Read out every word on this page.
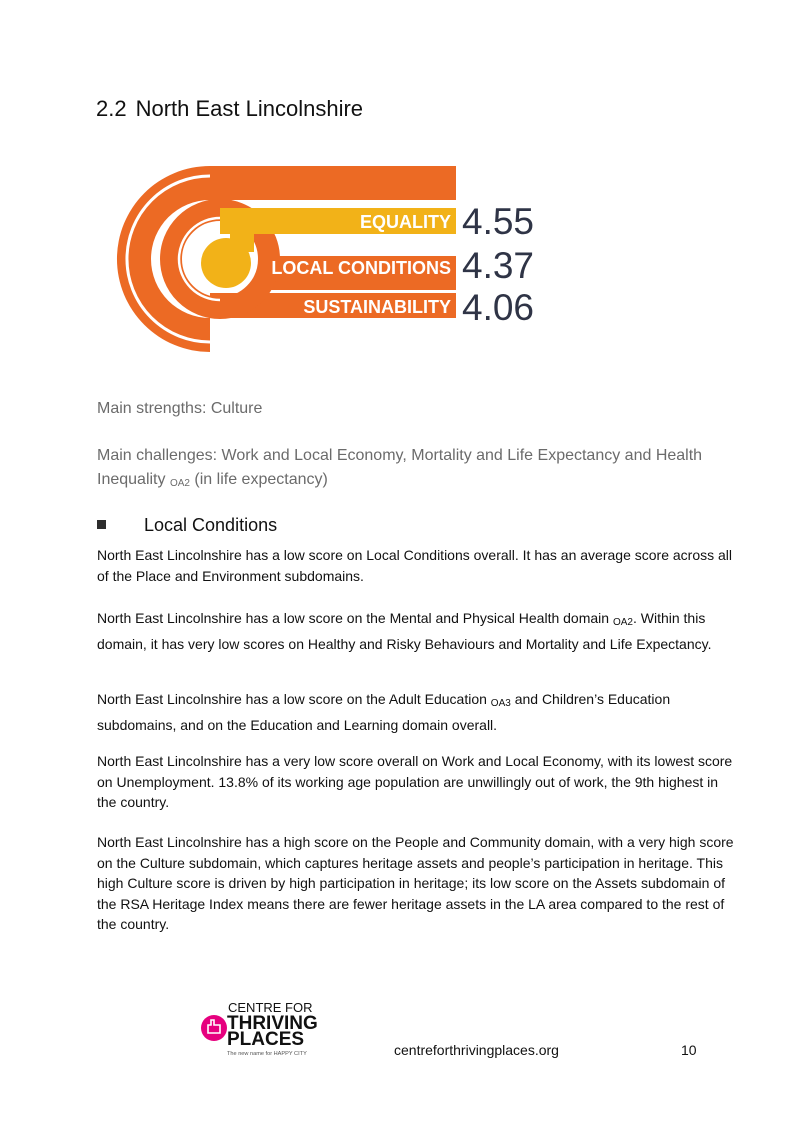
2.2 North East Lincolnshire
EQUALITY
LOCAL CONDITIONS
SUSTAINABILITY
4.55
4.37
4.06
Main strengths: Culture
Main challenges: Work and Local Economy, Mortality and Life Expectancy and Health Inequality $_{OA2}$ (in life expectancy)
Local Conditions
North East Lincolnshire has a low score on Local Conditions overall. It has an average score across all of the Place and Environment subdomains.
North East Lincolnshire has a low score on the Mental and Physical Health domain $_{OA2}$. Within this domain, it has very low scores on Healthy and Risky Behaviours and Mortality and Life Expectancy.
North East Lincolnshire has a low score on the Adult Education $_{OA3}$ and Children’s Education subdomains, and on the Education and Learning domain overall.
North East Lincolnshire has a very low score overall on Work and Local Economy, with its lowest score on Unemployment. 13.8% of its working age population are unwillingly out of work, the 9th highest in the country.
North East Lincolnshire has a high score on the People and Community domain, with a very high score on the Culture subdomain, which captures heritage assets and people’s participation in heritage. This high Culture score is driven by high participation in heritage; its low score on the Assets subdomain of the RSA Heritage Index means there are fewer heritage assets in the LA area compared to the rest of the country.
CENTRE FOR
THRIVING
PLACES
The new name for HAPPY CITY	centreforthrivingplaces.org	10
